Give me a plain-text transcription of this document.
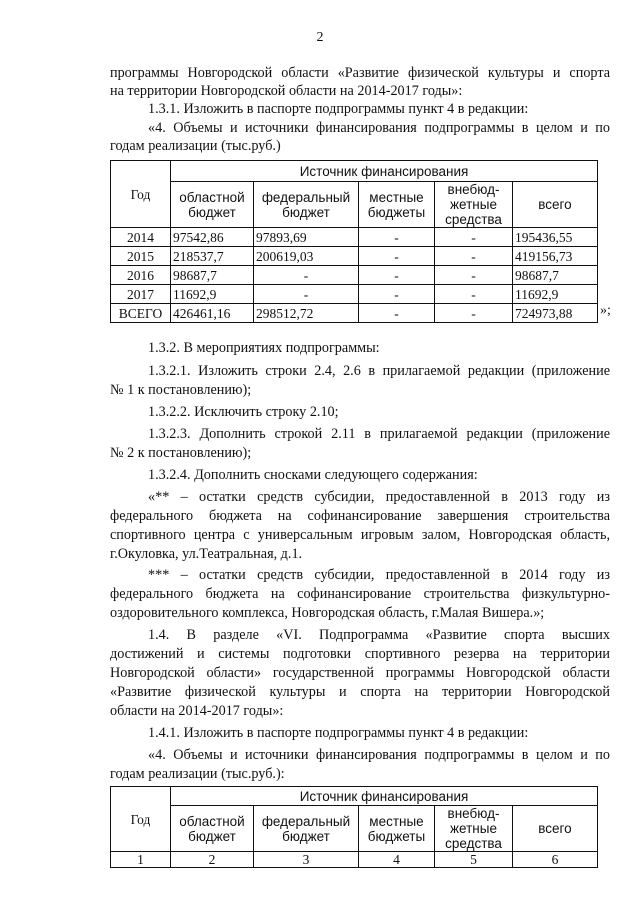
2
программы Новгородской области «Развитие физической культуры и спорта
на территории Новгородской области на 2014-2017 годы»:
1.3.1. Изложить в паспорте подпрограммы пункт 4 в редакции:
«4. Объемы и источники финансирования подпрограммы в целом и по
годам реализации (тыс.руб.)
Год	Источник финансирования				
	областной бюджет	федеральный бюджет	местные бюджеты	внебюд-жетные средства	всего
2014	97542,86	97893,69	-	-	195436,55
2015	218537,7	200619,03	-	-	419156,73
2016	98687,7	-	-	-	98687,7
2017	11692,9	-	-	-	11692,9
ВСЕГО	426461,16	298512,72	-	-	724973,88 »;
1.3.2. В мероприятиях подпрограммы:
1.3.2.1. Изложить строки 2.4, 2.6 в прилагаемой редакции (приложение
№ 1 к постановлению);
1.3.2.2. Исключить строку 2.10;
1.3.2.3. Дополнить строкой 2.11 в прилагаемой редакции (приложение
№ 2 к постановлению);
1.3.2.4. Дополнить сносками следующего содержания:
«** – остатки средств субсидии, предоставленной в 2013 году из
федерального бюджета на софинансирование завершения строительства
спортивного центра с универсальным игровым залом, Новгородская область,
г.Окуловка, ул.Театральная, д.1.
*** – остатки средств субсидии, предоставленной в 2014 году из
федерального бюджета на софинансирование строительства физкультурно-
оздоровительного комплекса, Новгородская область, г.Малая Вишера.»;
1.4. В разделе «VI. Подпрограмма «Развитие спорта высших
достижений и системы подготовки спортивного резерва на территории
Новгородской области» государственной программы Новгородской области
«Развитие физической культуры и спорта на территории Новгородской
области на 2014-2017 годы»:
1.4.1. Изложить в паспорте подпрограммы пункт 4 в редакции:
«4. Объемы и источники финансирования подпрограммы в целом и по
годам реализации (тыс.руб.):
Год	Источник финансирования				
	областной бюджет	федеральный бюджет	местные бюджеты	внебюд-жетные средства	всего
1	2	3	4	5	6
